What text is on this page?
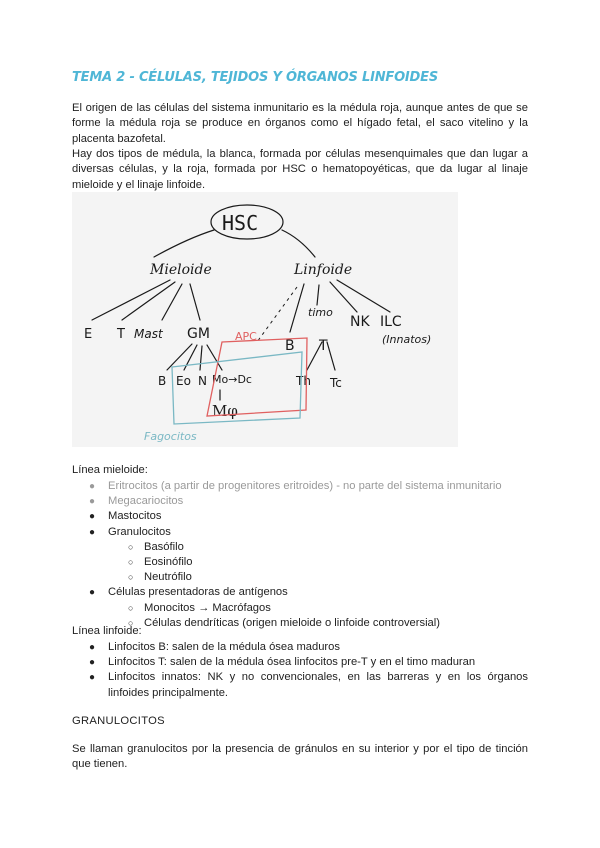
TEMA 2 - CÉLULAS, TEJIDOS Y ÓRGANOS LINFOIDES
El origen de las células del sistema inmunitario es la médula roja, aunque antes de que se forme la médula roja se produce en órganos como el hígado fetal, el saco vitelino y la placenta bazofetal.
Hay dos tipos de médula, la blanca, formada por células mesenquimales que dan lugar a diversas células, y la roja, formada por HSC o hematopoyéticas, que da lugar al linaje mieloide y el linaje linfoide.
HSC
Mieloide	Linfoide
E T Mast GM
B Eo N Mo→Dc
Mφ
timo
B T
Th Tc
NK ILC
(Innatos)
APC
Fagocitos
Línea mieloide:
● Eritrocitos (a partir de progenitores eritroides) - no parte del sistema inmunitario
● Megacariocitos
● Mastocitos
● Granulocitos
○ Basófilo
○ Eosinófilo
○ Neutrófilo
● Células presentadoras de antígenos
○ Monocitos → Macrófagos
○ Células dendríticas (origen mieloide o linfoide controversial)
Línea linfoide:
● Linfocitos B: salen de la médula ósea maduros
● Linfocitos T: salen de la médula ósea linfocitos pre-T y en el timo maduran
● Linfocitos innatos: NK y no convencionales, en las barreras y en los órganos linfoides principalmente.
GRANULOCITOS
Se llaman granulocitos por la presencia de gránulos en su interior y por el tipo de tinción que tienen.
